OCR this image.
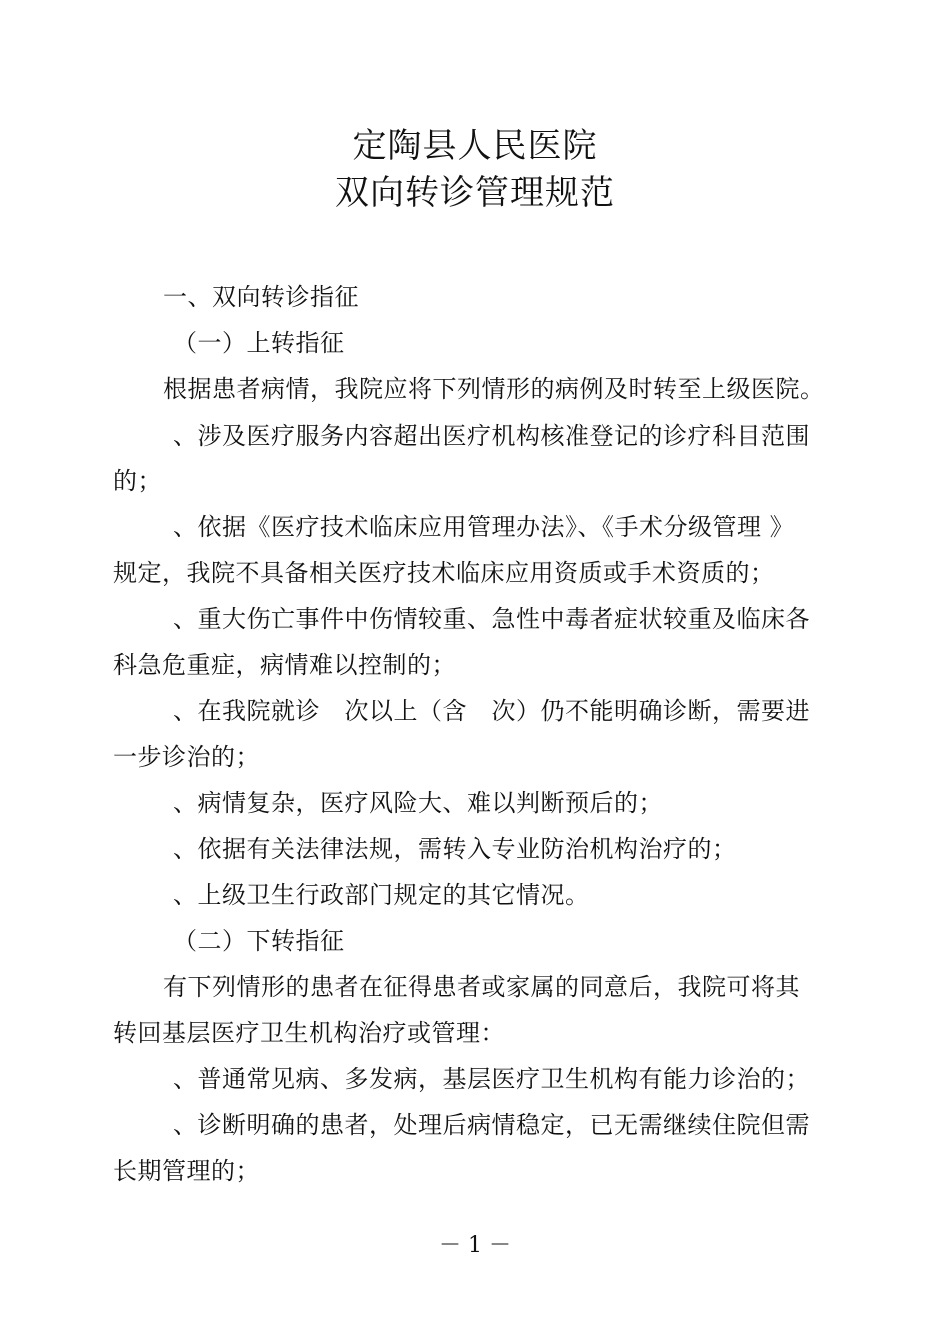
定陶县人民医院
双向转诊管理规范
一、双向转诊指征
（一）上转指征
根据患者病情，我院应将下列情形的病例及时转至上级医院。
、涉及医疗服务内容超出医疗机构核准登记的诊疗科目范围
的；
、依据《医疗技术临床应用管理办法》、《手术分级管理 》
规定，我院不具备相关医疗技术临床应用资质或手术资质的；
、重大伤亡事件中伤情较重、急性中毒者症状较重及临床各
科急危重症，病情难以控制的；
、在我院就诊　次以上（含　次）仍不能明确诊断，需要进
一步诊治的；
、病情复杂，医疗风险大、难以判断预后的；
、依据有关法律法规，需转入专业防治机构治疗的；
、上级卫生行政部门规定的其它情况。
（二）下转指征
有下列情形的患者在征得患者或家属的同意后，我院可将其
转回基层医疗卫生机构治疗或管理：
、普通常见病、多发病，基层医疗卫生机构有能力诊治的；
、诊断明确的患者，处理后病情稳定，已无需继续住院但需
长期管理的；
－ 1 －
